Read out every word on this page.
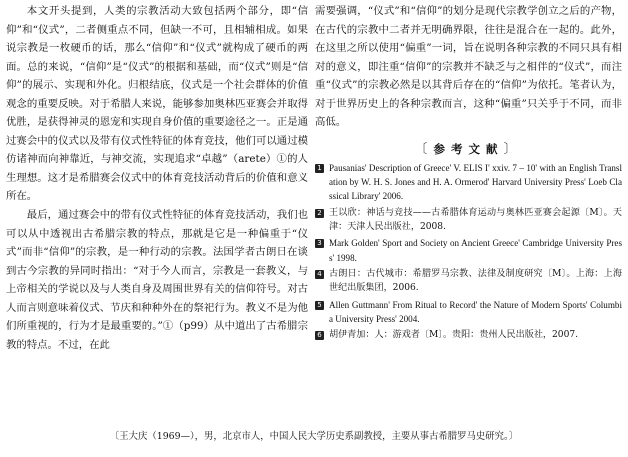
本文开头提到，人类的宗教活动大致包括两个部分，即“信仰”和“仪式”，二者侧重点不同，但缺一不可，且相辅相成。如果说宗教是一枚硬币的话，那么“信仰”和“仪式”就构成了硬币的两面。总的来说，“信仰”是“仪式”的根据和基础，而“仪式”则是“信仰”的展示、实现和外化。归根结底，仪式是一个社会群体的价值观念的重要反映。对于希腊人来说，能够参加奥林匹亚赛会并取得优胜，是获得神灵的恩宠和实现自身价值的重要途径之一。正是通过赛会中的仪式以及带有仪式性特征的体育竞技，他们可以通过模仿诸神而向神靠近，与神交流，实现追求“卓越”（arete）①的人生理想。这才是希腊赛会仪式中的体育竞技活动背后的价值和意义所在。

最后，通过赛会中的带有仪式性特征的体育竞技活动，我们也可以从中透视出古希腊宗教的特点，那就是它是一种偏重于“仪式”而非“信仰”的宗教，是一种行动的宗教。法国学者古朗日在谈到古今宗教的异同时指出：“对于今人而言，宗教是一套教义，与上帝相关的学说以及与人类自身及周围世界有关的信仰符号。对古人而言则意味着仪式、节庆和种种外在的祭祀行为。教义不是为他们所重视的，行为才是最重要的。”①（p99）从中道出了古希腊宗教的特点。不过，在此

需要强调，“仪式”和“信仰”的划分是现代宗教学创立之后的产物，在古代的宗教中二者并无明确界限，往往是混合在一起的。此外，在这里之所以使用“偏重”一词，旨在说明各种宗教的不同只具有相对的意义，即注重“信仰”的宗教并不缺乏与之相伴的“仪式”，而注重“仪式”的宗教必然是以其背后存在的“信仰”为依托。笔者认为，对于世界历史上的各种宗教而言，这种“偏重”只关乎于不同，而非高低。

〔参考文献〕
1 Pausanias' Description of Greece' V. ELIS I' xxiv. 7 – 10' with an English Translation by W. H. S. Jones and H. A. Ormerod' Harvard University Press' Loeb Classical Library' 2006.
2 王以欣：神话与竞技——古希腊体育运动与奥林匹亚赛会起源〔M〕。天津：天津人民出版社，2008.
3 Mark Golden' Sport and Society on Ancient Greece' Cambridge University Press' 1998.
4 古朗日：古代城市：希腊罗马宗教、法律及制度研究〔M〕。上海：上海世纪出版集团，2006.
5 Allen Guttmann' From Ritual to Record' the Nature of Modern Sports' Columbia University Press' 2004.
6 胡伊青加：人：游戏者〔M〕。贵阳：贵州人民出版社，2007.
〔王大庆（1969—），男，北京市人，中国人民大学历史系副教授，主要从事古希腊罗马史研究。〕
